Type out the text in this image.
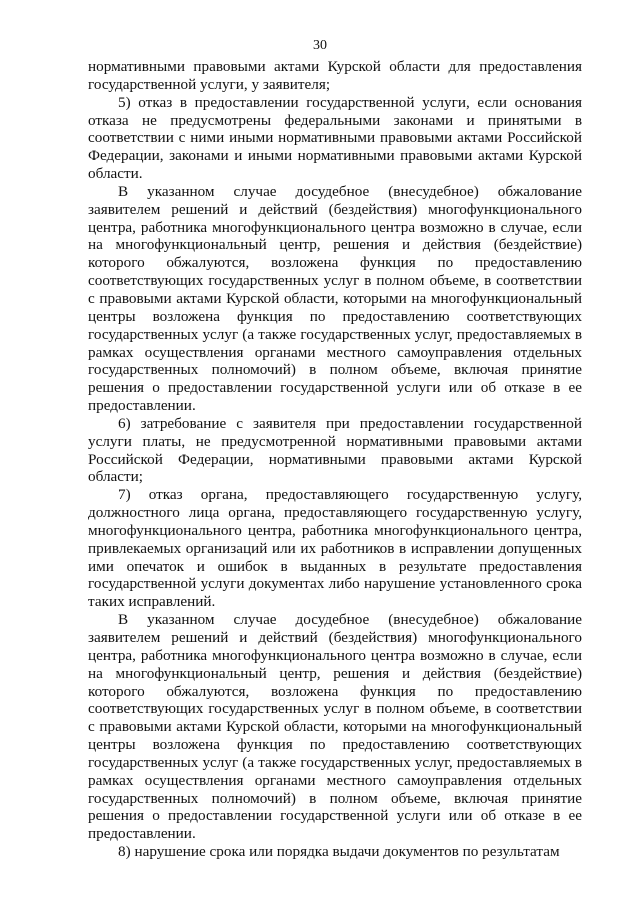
30

нормативными правовыми актами Курской области для предоставления государственной услуги, у заявителя;

5) отказ в предоставлении государственной услуги, если основания отказа не предусмотрены федеральными законами и принятыми в соответствии с ними иными нормативными правовыми актами Российской Федерации, законами и иными нормативными правовыми актами Курской области.

В указанном случае досудебное (внесудебное) обжалование заявителем решений и действий (бездействия) многофункционального центра, работника многофункционального центра возможно в случае, если на многофункциональный центр, решения и действия (бездействие) которого обжалуются, возложена функция по предоставлению соответствующих государственных услуг в полном объеме, в соответствии с правовыми актами Курской области, которыми на многофункциональный центры возложена функция по предоставлению соответствующих государственных услуг (а также государственных услуг, предоставляемых в рамках осуществления органами местного самоуправления отдельных государственных полномочий) в полном объеме, включая принятие решения о предоставлении государственной услуги или об отказе в ее предоставлении.

6) затребование с заявителя при предоставлении государственной услуги платы, не предусмотренной нормативными правовыми актами Российской Федерации, нормативными правовыми актами Курской области;

7) отказ органа, предоставляющего государственную услугу, должностного лица органа, предоставляющего государственную услугу, многофункционального центра, работника многофункционального центра, привлекаемых организаций или их работников в исправлении допущенных ими опечаток и ошибок в выданных в результате предоставления государственной услуги документах либо нарушение установленного срока таких исправлений.

В указанном случае досудебное (внесудебное) обжалование заявителем решений и действий (бездействия) многофункционального центра, работника многофункционального центра возможно в случае, если на многофункциональный центр, решения и действия (бездействие) которого обжалуются, возложена функция по предоставлению соответствующих государственных услуг в полном объеме, в соответствии с правовыми актами Курской области, которыми на многофункциональный центры возложена функция по предоставлению соответствующих государственных услуг (а также государственных услуг, предоставляемых в рамках осуществления органами местного самоуправления отдельных государственных полномочий) в полном объеме, включая принятие решения о предоставлении государственной услуги или об отказе в ее предоставлении.

8) нарушение срока или порядка выдачи документов по результатам
